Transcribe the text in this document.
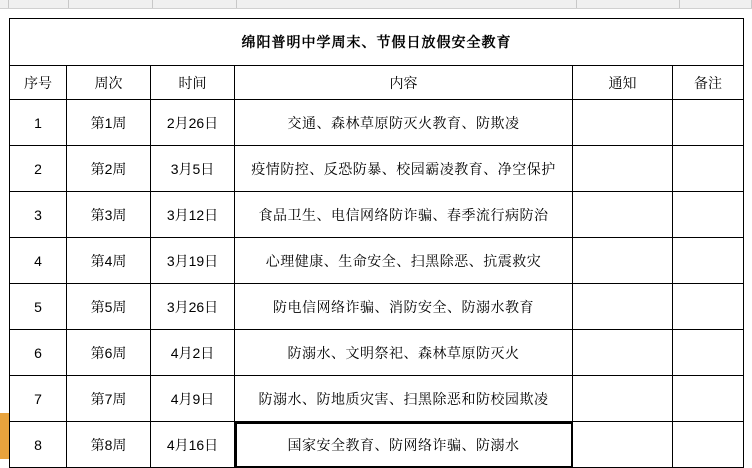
绵阳普明中学周末、节假日放假安全教育					
序号	周次	时间	内容	通知	备注
1	第1周	2月26日	交通、森林草原防灭火教育、防欺凌		
2	第2周	3月5日	疫情防控、反恐防暴、校园霸凌教育、净空保护		
3	第3周	3月12日	食品卫生、电信网络防诈骗、春季流行病防治		
4	第4周	3月19日	心理健康、生命安全、扫黑除恶、抗震救灾		
5	第5周	3月26日	防电信网络诈骗、消防安全、防溺水教育		
6	第6周	4月2日	防溺水、文明祭祀、森林草原防灭火		
7	第7周	4月9日	防溺水、防地质灾害、扫黑除恶和防校园欺凌		
8	第8周	4月16日	国家安全教育、防网络诈骗、防溺水		
